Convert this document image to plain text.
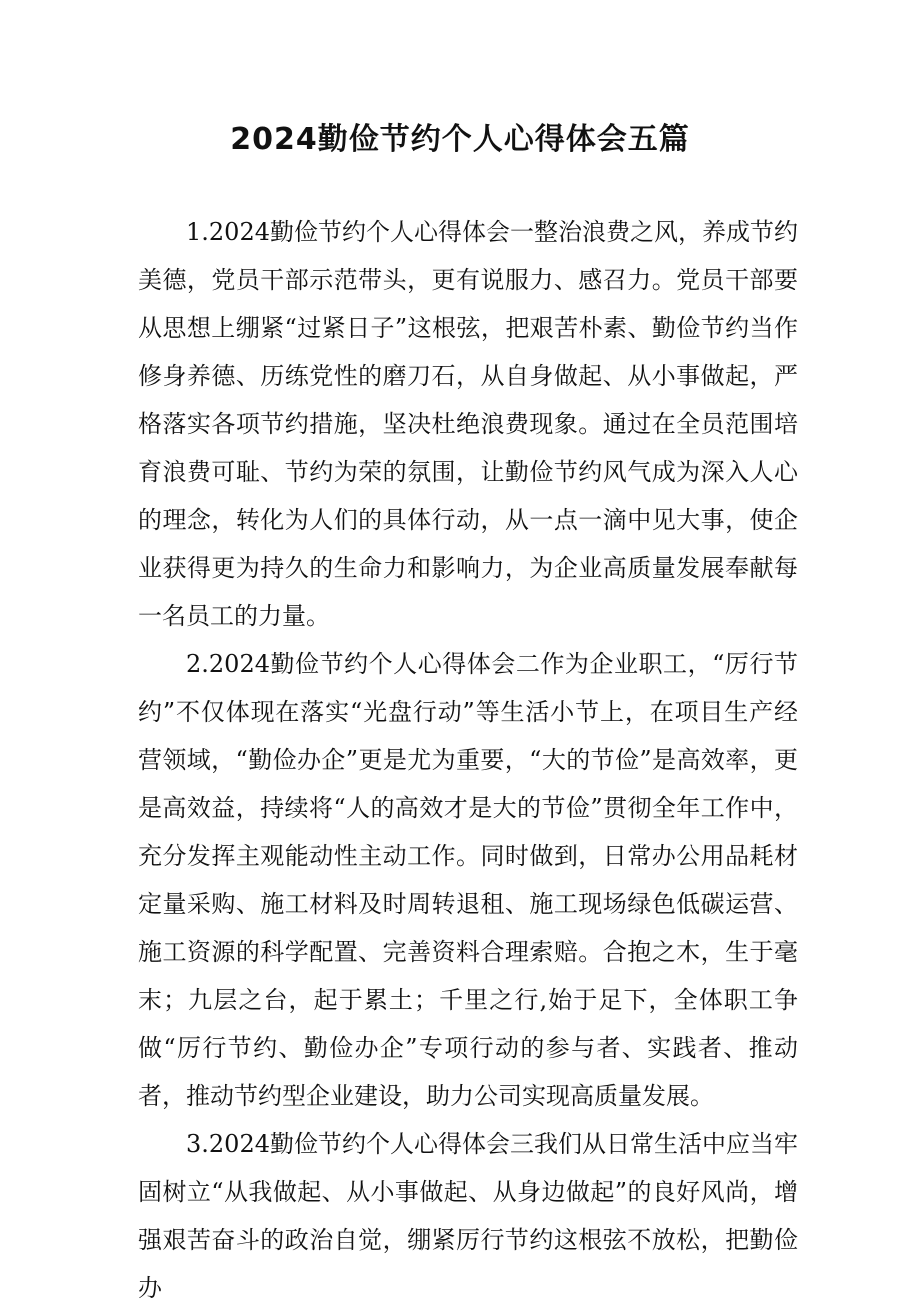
2024勤俭节约个人心得体会五篇

1.2024勤俭节约个人心得体会一整治浪费之风，养成节约美德，党员干部示范带头，更有说服力、感召力。党员干部要从思想上绷紧“过紧日子”这根弦，把艰苦朴素、勤俭节约当作修身养德、历练党性的磨刀石，从自身做起、从小事做起，严格落实各项节约措施，坚决杜绝浪费现象。通过在全员范围培育浪费可耻、节约为荣的氛围，让勤俭节约风气成为深入人心的理念，转化为人们的具体行动，从一点一滴中见大事，使企业获得更为持久的生命力和影响力，为企业高质量发展奉献每一名员工的力量。

2.2024勤俭节约个人心得体会二作为企业职工，“厉行节约”不仅体现在落实“光盘行动”等生活小节上，在项目生产经营领域，“勤俭办企”更是尤为重要，“大的节俭”是高效率，更是高效益，持续将“人的高效才是大的节俭”贯彻全年工作中，充分发挥主观能动性主动工作。同时做到，日常办公用品耗材定量采购、施工材料及时周转退租、施工现场绿色低碳运营、施工资源的科学配置、完善资料合理索赔。合抱之木，生于毫末；九层之台，起于累土；千里之行,始于足下，全体职工争做“厉行节约、勤俭办企”专项行动的参与者、实践者、推动者，推动节约型企业建设，助力公司实现高质量发展。

3.2024勤俭节约个人心得体会三我们从日常生活中应当牢固树立“从我做起、从小事做起、从身边做起”的良好风尚，增强艰苦奋斗的政治自觉，绷紧厉行节约这根弦不放松，把勤俭办
